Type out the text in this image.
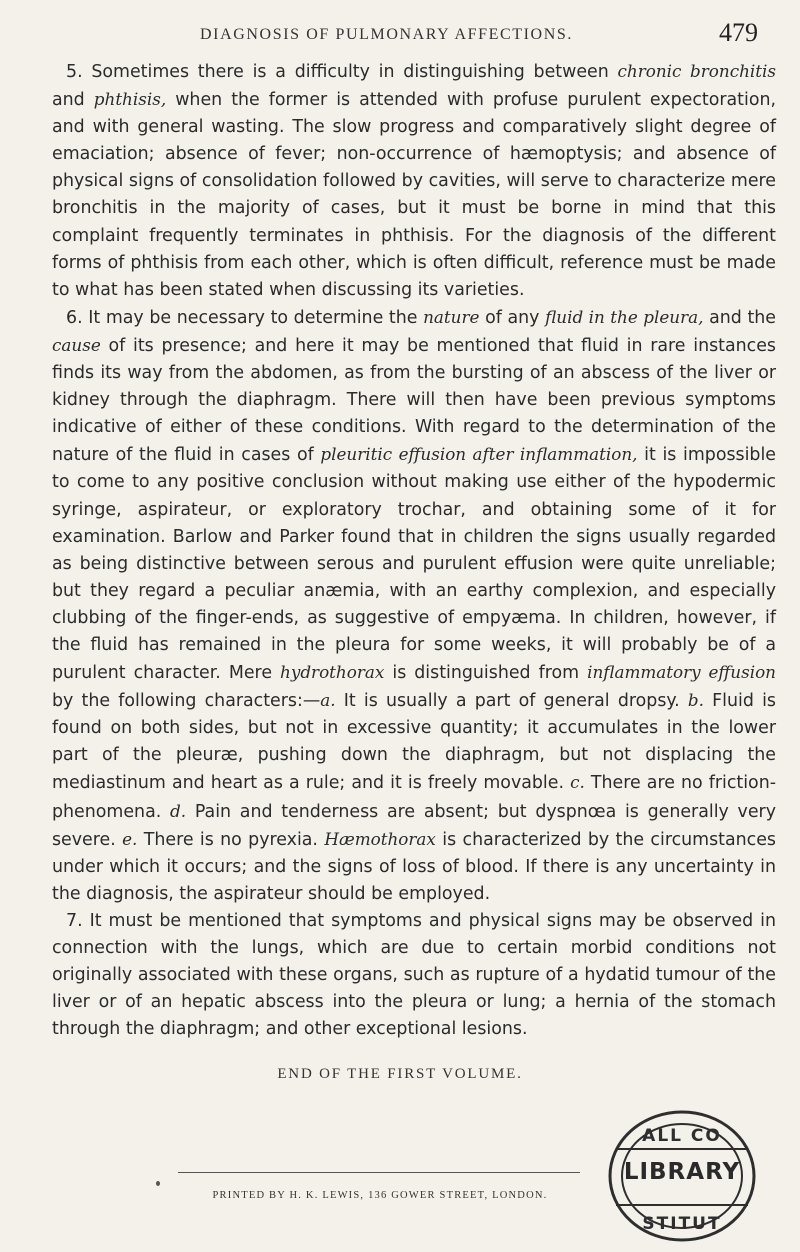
DIAGNOSIS OF PULMONARY AFFECTIONS.	479

5. Sometimes there is a difficulty in distinguishing between chronic bronchitis and phthisis, when the former is attended with profuse purulent expectoration, and with general wasting. The slow progress and comparatively slight degree of emaciation; absence of fever; non-occurrence of hæmoptysis; and absence of physical signs of consolidation followed by cavities, will serve to characterize mere bronchitis in the majority of cases, but it must be borne in mind that this complaint frequently terminates in phthisis. For the diagnosis of the different forms of phthisis from each other, which is often difficult, reference must be made to what has been stated when discussing its varieties.

6. It may be necessary to determine the nature of any fluid in the pleura, and the cause of its presence; and here it may be mentioned that fluid in rare instances finds its way from the abdomen, as from the bursting of an abscess of the liver or kidney through the diaphragm. There will then have been previous symptoms indicative of either of these conditions. With regard to the determination of the nature of the fluid in cases of pleuritic effusion after inflammation, it is impossible to come to any positive conclusion without making use either of the hypodermic syringe, aspirateur, or exploratory trochar, and obtaining some of it for examination. Barlow and Parker found that in children the signs usually regarded as being distinctive between serous and purulent effusion were quite unreliable; but they regard a peculiar anæmia, with an earthy complexion, and especially clubbing of the finger-ends, as suggestive of empyæma. In children, however, if the fluid has remained in the pleura for some weeks, it will probably be of a purulent character. Mere hydrothorax is distinguished from inflammatory effusion by the following characters:—a. It is usually a part of general dropsy. b. Fluid is found on both sides, but not in excessive quantity; it accumulates in the lower part of the pleuræ, pushing down the diaphragm, but not displacing the mediastinum and heart as a rule; and it is freely movable. c. There are no friction-phenomena. d. Pain and tenderness are absent; but dyspnœa is generally very severe. e. There is no pyrexia. Hæmothorax is characterized by the circumstances under which it occurs; and the signs of loss of blood. If there is any uncertainty in the diagnosis, the aspirateur should be employed.

7. It must be mentioned that symptoms and physical signs may be observed in connection with the lungs, which are due to certain morbid conditions not originally associated with these organs, such as rupture of a hydatid tumour of the liver or of an hepatic abscess into the pleura or lung; a hernia of the stomach through the diaphragm; and other exceptional lesions.

END OF THE FIRST VOLUME.
PRINTED BY H. K. LEWIS, 136 GOWER STREET, LONDON.
ALL CO
STITUT
LIBRARY
